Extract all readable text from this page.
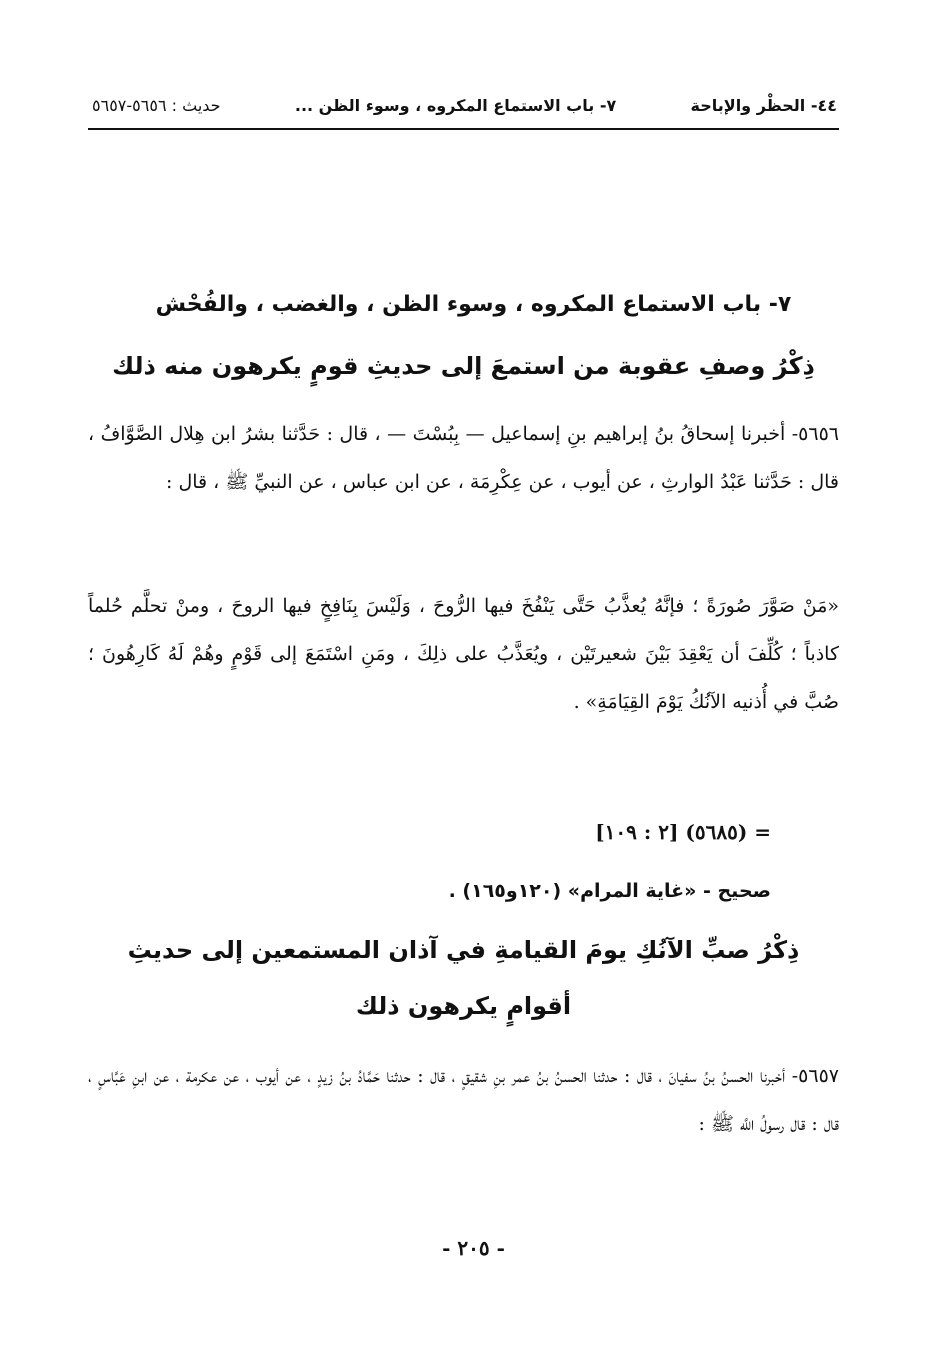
٤٤- الحظْر والإباحة
٧- باب الاستماع المكروه ، وسوء الظن ...
حديث : ٥٦٥٦-٥٦٥٧
٧- باب الاستماع المكروه ، وسوء الظن ، والغضب ، والفُحْش
ذِكْرُ وصفِ عقوبة من استمعَ إلى حديثِ قومٍ يكرهون منه ذلك

٥٦٥٦- أخبرنا إسحاقُ بنُ إبراهيم بنِ إسماعيل — بِبُسْتَ — ، قال : حَدَّثنا بشرُ ابن هِلال الصَّوَّافُ ، قال : حَدَّثنا عَبْدُ الوارثِ ، عن أيوب ، عن عِكْرِمَة ، عن ابن عباس ، عن النبيِّ ﷺ ، قال :

«مَنْ صَوَّرَ صُورَةً ؛ فإنَّهُ يُعذَّبُ حَتَّى يَنْفُخَ فيها الرُّوحَ ، وَلَيْسَ بِنَافِخٍ فيها الروحَ ، ومنْ تحلَّم حُلماً كاذباً ؛ كُلِّفَ أن يَعْقِدَ بَيْنَ شعيرتَيْن ، ويُعَذَّبُ على ذلِكَ ، ومَنِ اسْتَمَعَ إلى قَوْمٍ وهُمْ لَهُ كَارِهُونَ ؛ صُبَّ في أُذنيه الآنُكُ يَوْمَ القِيَامَةِ» .

= (٥٦٨٥) [٢ : ١٠٩]
صحيح - «غاية المرام» (١٢٠و١٦٥) .
ذِكْرُ صبِّ الآنُكِ يومَ القيامةِ في آذان المستمعين إلى حديثِ
أقوامٍ يكرهون ذلك

٥٦٥٧- أخبرنا الحسنُ بنُ سفيانَ ، قال : حدثنا الحسنُ بنُ عمر بنِ شقيقٍ ، قال : حدثنا حَمَّادُ بنُ زيدٍ ، عن أيوب ، عن عكرمة ، عن ابنِ عَبَّاسٍ ، قال : قال رسولُ اللَّه ﷺ :

- ٢٠٥ -
